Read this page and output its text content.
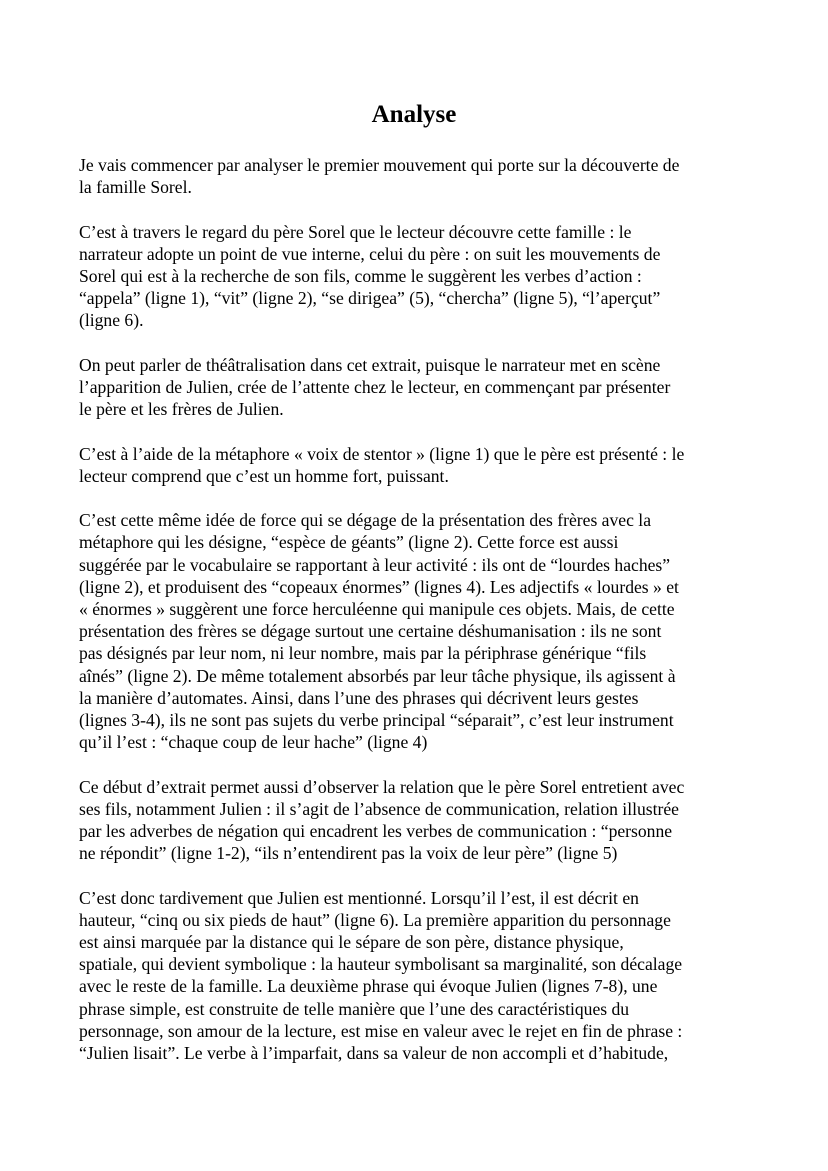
Analyse

Je vais commencer par analyser le premier mouvement qui porte sur la découverte de
la famille Sorel.

C’est à travers le regard du père Sorel que le lecteur découvre cette famille : le
narrateur adopte un point de vue interne, celui du père : on suit les mouvements de
Sorel qui est à la recherche de son fils, comme le suggèrent les verbes d’action :
“appela” (ligne 1), “vit” (ligne 2), “se dirigea” (5), “chercha” (ligne 5), “l’aperçut”
(ligne 6).

On peut parler de théâtralisation dans cet extrait, puisque le narrateur met en scène
l’apparition de Julien, crée de l’attente chez le lecteur, en commençant par présenter
le père et les frères de Julien.

C’est à l’aide de la métaphore « voix de stentor » (ligne 1) que le père est présenté : le
lecteur comprend que c’est un homme fort, puissant.

C’est cette même idée de force qui se dégage de la présentation des frères avec la
métaphore qui les désigne, “espèce de géants” (ligne 2). Cette force est aussi
suggérée par le vocabulaire se rapportant à leur activité : ils ont de “lourdes haches”
(ligne 2), et produisent des “copeaux énormes” (lignes 4). Les adjectifs « lourdes » et
« énormes » suggèrent une force herculéenne qui manipule ces objets. Mais, de cette
présentation des frères se dégage surtout une certaine déshumanisation : ils ne sont
pas désignés par leur nom, ni leur nombre, mais par la périphrase générique “fils
aînés” (ligne 2). De même totalement absorbés par leur tâche physique, ils agissent à
la manière d’automates. Ainsi, dans l’une des phrases qui décrivent leurs gestes
(lignes 3-4), ils ne sont pas sujets du verbe principal “séparait”, c’est leur instrument
qu’il l’est : “chaque coup de leur hache” (ligne 4)

Ce début d’extrait permet aussi d’observer la relation que le père Sorel entretient avec
ses fils, notamment Julien : il s’agit de l’absence de communication, relation illustrée
par les adverbes de négation qui encadrent les verbes de communication : “personne
ne répondit” (ligne 1-2), “ils n’entendirent pas la voix de leur père” (ligne 5)

C’est donc tardivement que Julien est mentionné. Lorsqu’il l’est, il est décrit en
hauteur, “cinq ou six pieds de haut” (ligne 6). La première apparition du personnage
est ainsi marquée par la distance qui le sépare de son père, distance physique,
spatiale, qui devient symbolique : la hauteur symbolisant sa marginalité, son décalage
avec le reste de la famille. La deuxième phrase qui évoque Julien (lignes 7-8), une
phrase simple, est construite de telle manière que l’une des caractéristiques du
personnage, son amour de la lecture, est mise en valeur avec le rejet en fin de phrase :
“Julien lisait”. Le verbe à l’imparfait, dans sa valeur de non accompli et d’habitude,
